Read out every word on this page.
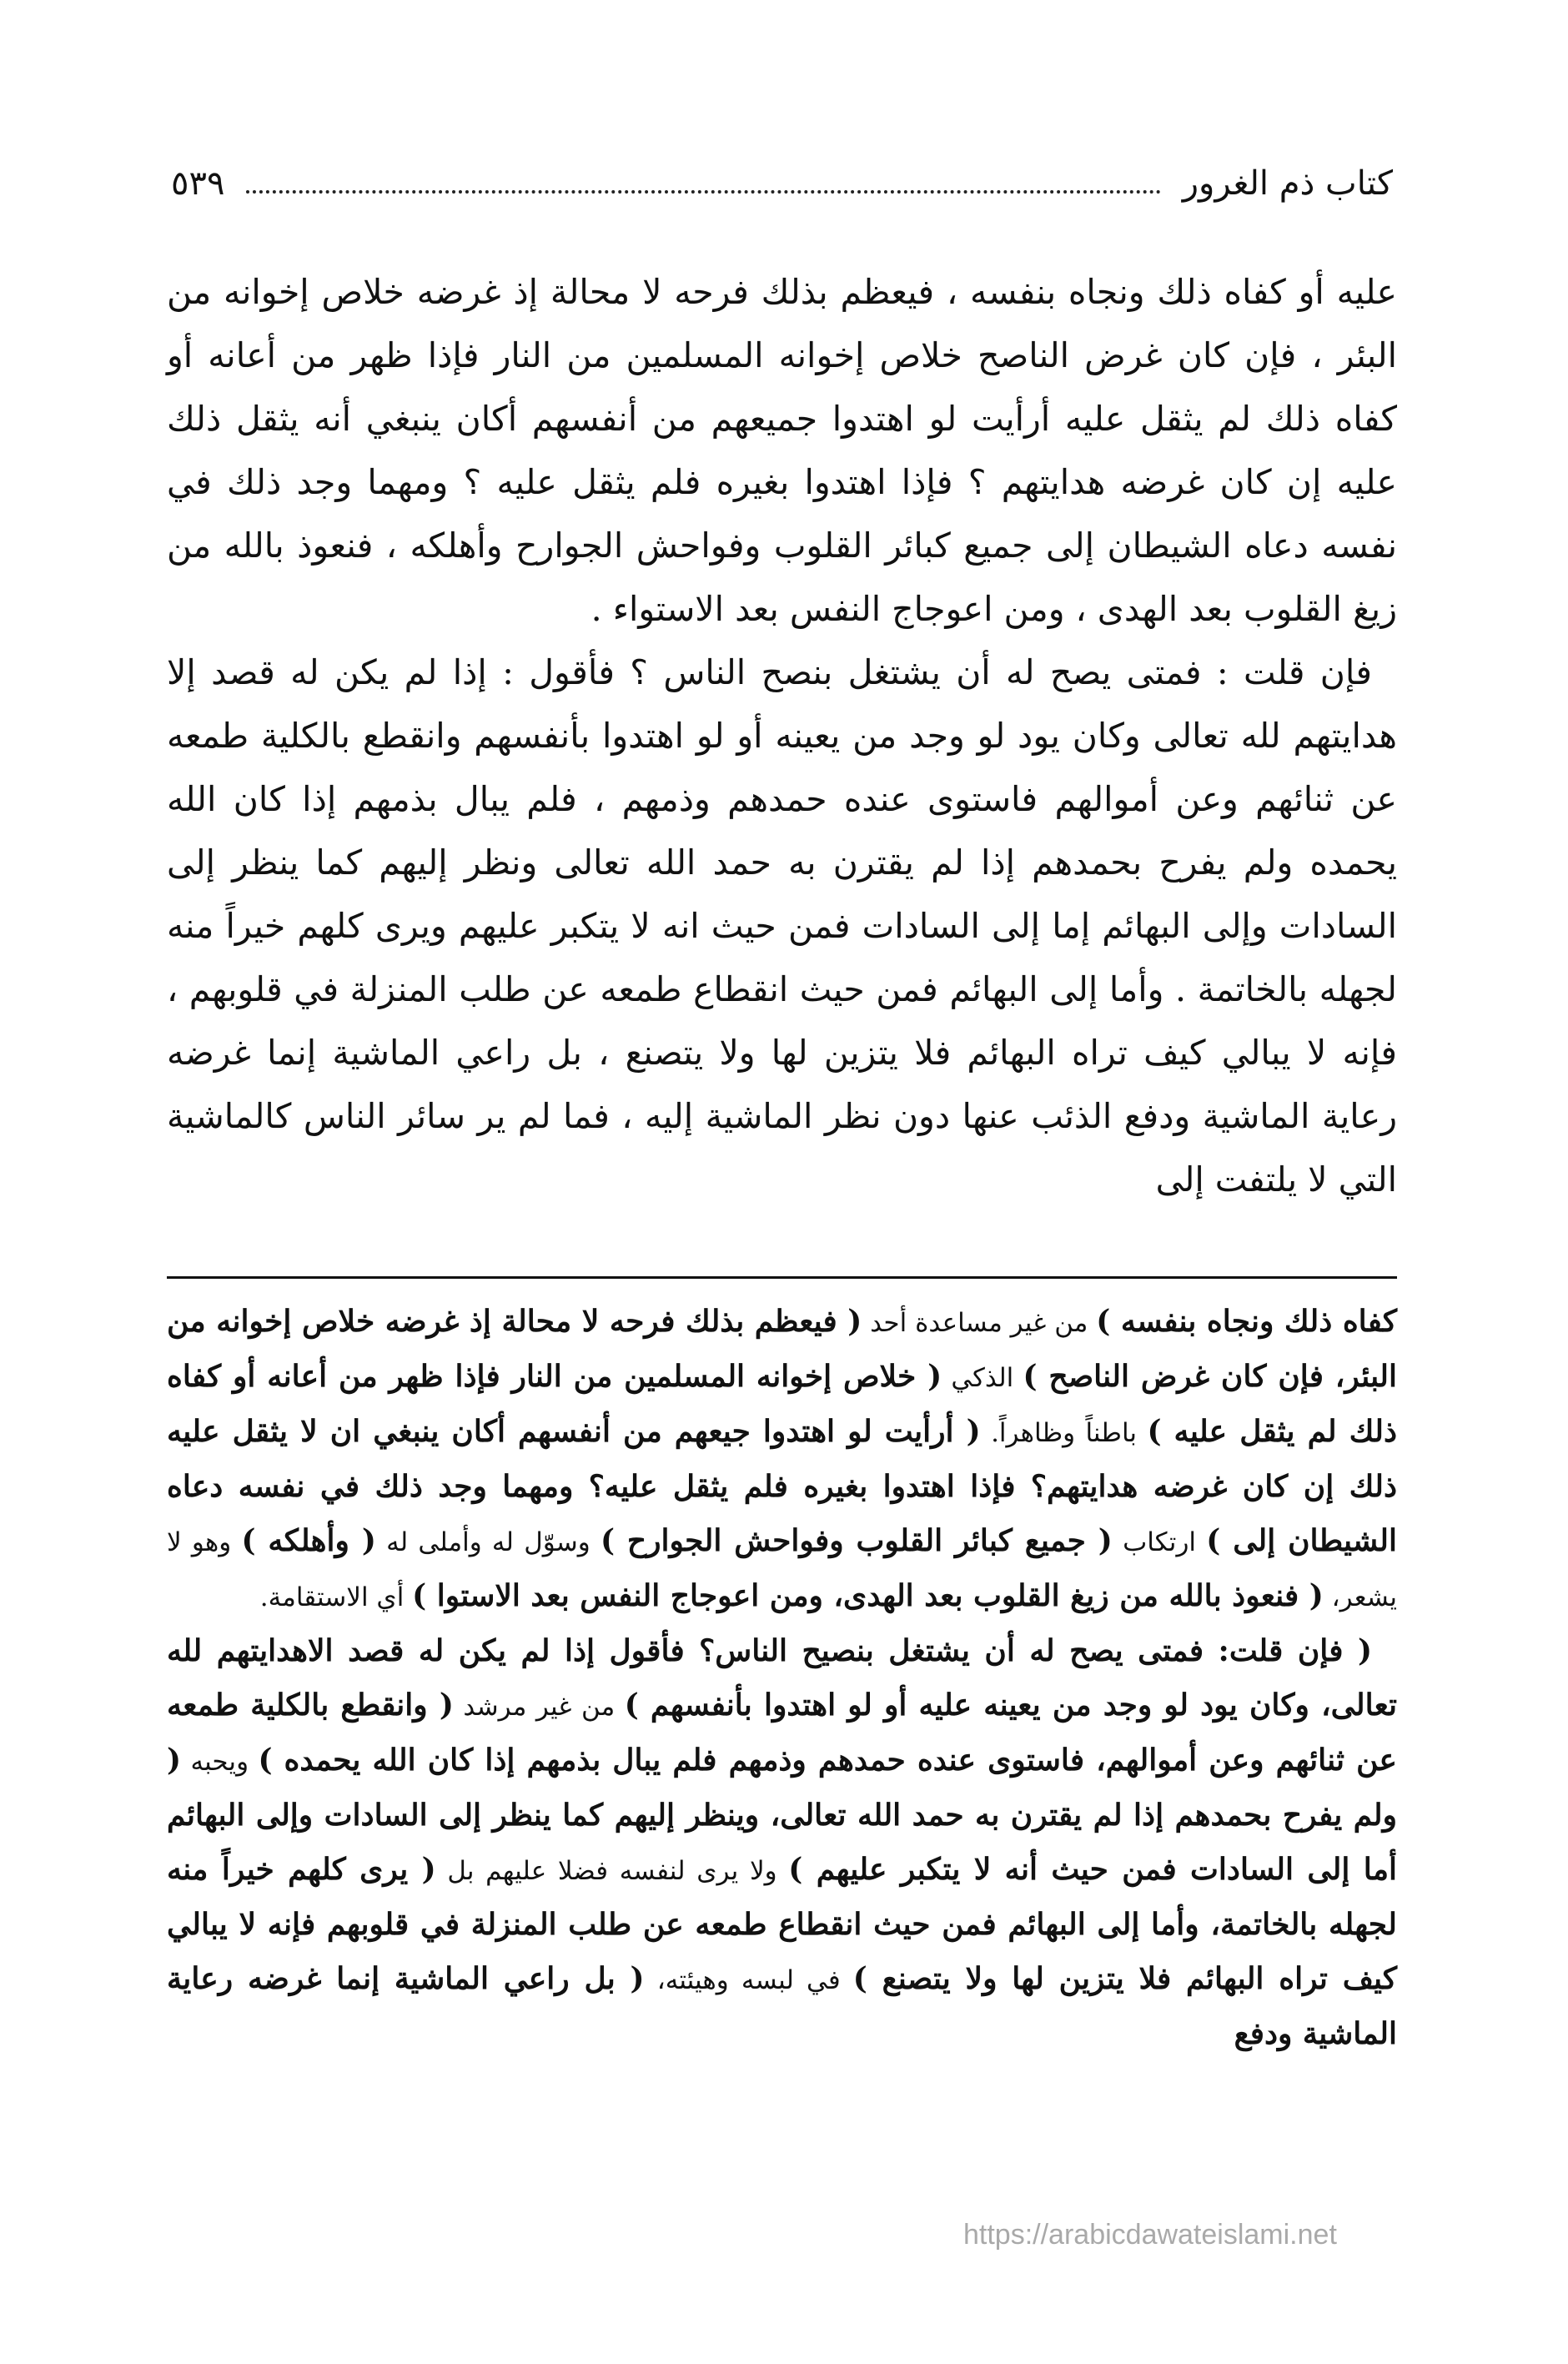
كتاب ذم الغرور
٥٣٩

عليه أو كفاه ذلك ونجاه بنفسه ، فيعظم بذلك فرحه لا محالة إذ غرضه خلاص إخوانه من البئر ، فإن كان غرض الناصح خلاص إخوانه المسلمين من النار فإذا ظهر من أعانه أو كفاه ذلك لم يثقل عليه أرأيت لو اهتدوا جميعهم من أنفسهم أكان ينبغي أنه يثقل ذلك عليه إن كان غرضه هدايتهم ؟ فإذا اهتدوا بغيره فلم يثقل عليه ؟ ومهما وجد ذلك في نفسه دعاه الشيطان إلى جميع كبائر القلوب وفواحش الجوارح وأهلكه ، فنعوذ بالله من زيغ القلوب بعد الهدى ، ومن اعوجاج النفس بعد الاستواء .

فإن قلت : فمتى يصح له أن يشتغل بنصح الناس ؟ فأقول : إذا لم يكن له قصد إلا هدايتهم لله تعالى وكان يود لو وجد من يعينه أو لو اهتدوا بأنفسهم وانقطع بالكلية طمعه عن ثنائهم وعن أموالهم فاستوى عنده حمدهم وذمهم ، فلم يبال بذمهم إذا كان الله يحمده ولم يفرح بحمدهم إذا لم يقترن به حمد الله تعالى ونظر إليهم كما ينظر إلى السادات وإلى البهائم إما إلى السادات فمن حيث انه لا يتكبر عليهم ويرى كلهم خيراً منه لجهله بالخاتمة . وأما إلى البهائم فمن حيث انقطاع طمعه عن طلب المنزلة في قلوبهم ، فإنه لا يبالي كيف تراه البهائم فلا يتزين لها ولا يتصنع ، بل راعي الماشية إنما غرضه رعاية الماشية ودفع الذئب عنها دون نظر الماشية إليه ، فما لم ير سائر الناس كالماشية التي لا يلتفت إلى

كفاه ذلك ونجاه بنفسه ) من غير مساعدة أحد ( فيعظم بذلك فرحه لا محالة إذ غرضه خلاص إخوانه من البئر، فإن كان غرض الناصح ) الذكي ( خلاص إخوانه المسلمين من النار فإذا ظهر من أعانه أو كفاه ذلك لم يثقل عليه ) باطناً وظاهراً. ( أرأيت لو اهتدوا جيعهم من أنفسهم أكان ينبغي ان لا يثقل عليه ذلك إن كان غرضه هدايتهم؟ فإذا اهتدوا بغيره فلم يثقل عليه؟ ومهما وجد ذلك في نفسه دعاه الشيطان إلى ) ارتكاب ( جميع كبائر القلوب وفواحش الجوارح ) وسوّل له وأملى له ( وأهلكه ) وهو لا يشعر، ( فنعوذ بالله من زيغ القلوب بعد الهدى، ومن اعوجاج النفس بعد الاستوا ) أي الاستقامة.

( فإن قلت: فمتى يصح له أن يشتغل بنصيح الناس؟ فأقول إذا لم يكن له قصد الاهدايتهم لله تعالى، وكان يود لو وجد من يعينه عليه أو لو اهتدوا بأنفسهم ) من غير مرشد ( وانقطع بالكلية طمعه عن ثنائهم وعن أموالهم، فاستوى عنده حمدهم وذمهم فلم يبال بذمهم إذا كان الله يحمده ) ويحبه ( ولم يفرح بحمدهم إذا لم يقترن به حمد الله تعالى، وينظر إليهم كما ينظر إلى السادات وإلى البهائم أما إلى السادات فمن حيث أنه لا يتكبر عليهم ) ولا يرى لنفسه فضلا عليهم بل ( يرى كلهم خيراً منه لجهله بالخاتمة، وأما إلى البهائم فمن حيث انقطاع طمعه عن طلب المنزلة في قلوبهم فإنه لا يبالي كيف تراه البهائم فلا يتزين لها ولا يتصنع ) في لبسه وهيئته، ( بل راعي الماشية إنما غرضه رعاية الماشية ودفع

https://arabicdawateislami.net
